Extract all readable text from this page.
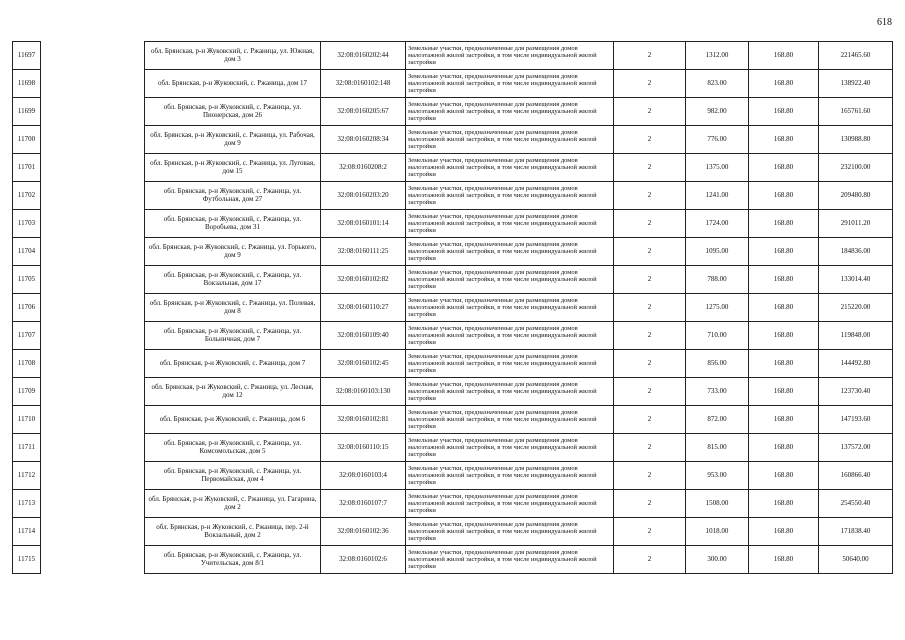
618
11697		обл. Брянская, р-н Жуковский, с. Ржаница, ул. Южная, дом 3	32:08:0160202:44	Земельные участки, предназначенные для размещения домов малоэтажной жилой застройки, в том числе индивидуальной жилой застройки	2	1312.00	168.80	221465.60
11698		обл. Брянская, р-н Жуковский, с. Ржаница, дом 17	32:08:0160102:148	Земельные участки, предназначенные для размещения домов малоэтажной жилой застройки, в том числе индивидуальной жилой застройки	2	823.00	168.80	138922.40
11699		обл. Брянская, р-н Жуковский, с. Ржаница, ул. Пионерская, дом 26	32:08:0160205:67	Земельные участки, предназначенные для размещения домов малоэтажной жилой застройки, в том числе индивидуальной жилой застройки	2	982.00	168.80	165761.60
11700		обл. Брянская, р-н Жуковский, с. Ржаница, ул. Рабочая, дом 9	32:08:0160208:34	Земельные участки, предназначенные для размещения домов малоэтажной жилой застройки, в том числе индивидуальной жилой застройки	2	776.00	168.80	130988.80
11701		обл. Брянская, р-н Жуковский, с. Ржаница, ул. Луговая, дом 15	32:08:0160208:2	Земельные участки, предназначенные для размещения домов малоэтажной жилой застройки, в том числе индивидуальной жилой застройки	2	1375.00	168.80	232100.00
11702		обл. Брянская, р-н Жуковский, с. Ржаница, ул. Футбольная, дом 27	32:08:0160203:20	Земельные участки, предназначенные для размещения домов малоэтажной жилой застройки, в том числе индивидуальной жилой застройки	2	1241.00	168.80	209480.80
11703		обл. Брянская, р-н Жуковский, с. Ржаница, ул. Воробьева, дом 31	32:08:0160101:14	Земельные участки, предназначенные для размещения домов малоэтажной жилой застройки, в том числе индивидуальной жилой застройки	2	1724.00	168.80	291011.20
11704		обл. Брянская, р-н Жуковский, с. Ржаница, ул. Горького, дом 9	32:08:0160111:25	Земельные участки, предназначенные для размещения домов малоэтажной жилой застройки, в том числе индивидуальной жилой застройки	2	1095.00	168.80	184836.00
11705		обл. Брянская, р-н Жуковский, с. Ржаница, ул. Вокзальная, дом 17	32:08:0160102:82	Земельные участки, предназначенные для размещения домов малоэтажной жилой застройки, в том числе индивидуальной жилой застройки	2	788.00	168.80	133014.40
11706		обл. Брянская, р-н Жуковский, с. Ржаница, ул. Полевая, дом 8	32:08:0160110:27	Земельные участки, предназначенные для размещения домов малоэтажной жилой застройки, в том числе индивидуальной жилой застройки	2	1275.00	168.80	215220.00
11707		обл. Брянская, р-н Жуковский, с. Ржаница, ул. Больничная, дом 7	32:08:0160109:40	Земельные участки, предназначенные для размещения домов малоэтажной жилой застройки, в том числе индивидуальной жилой застройки	2	710.00	168.80	119848.00
11708		обл. Брянская, р-н Жуковский, с. Ржаница, дом 7	32:08:0160102:45	Земельные участки, предназначенные для размещения домов малоэтажной жилой застройки, в том числе индивидуальной жилой застройки	2	856.00	168.80	144492.80
11709		обл. Брянская, р-н Жуковский, с. Ржаница, ул. Лесная, дом 12	32:08:0160103:130	Земельные участки, предназначенные для размещения домов малоэтажной жилой застройки, в том числе индивидуальной жилой застройки	2	733.00	168.80	123730.40
11710		обл. Брянская, р-н Жуковский, с. Ржаница, дом 6	32:08:0160102:81	Земельные участки, предназначенные для размещения домов малоэтажной жилой застройки, в том числе индивидуальной жилой застройки	2	872.00	168.80	147193.60
11711		обл. Брянская, р-н Жуковский, с. Ржаница, ул. Комсомольская, дом 5	32:08:0160110:15	Земельные участки, предназначенные для размещения домов малоэтажной жилой застройки, в том числе индивидуальной жилой застройки	2	815.00	168.80	137572.00
11712		обл. Брянская, р-н Жуковский, с. Ржаница, ул. Первомайская, дом 4	32:08:0160103:4	Земельные участки, предназначенные для размещения домов малоэтажной жилой застройки, в том числе индивидуальной жилой застройки	2	953.00	168.80	160866.40
11713		обл. Брянская, р-н Жуковский, с. Ржаница, ул. Гагарина, дом 2	32:08:0160107:7	Земельные участки, предназначенные для размещения домов малоэтажной жилой застройки, в том числе индивидуальной жилой застройки	2	1508.00	168.80	254550.40
11714		обл. Брянская, р-н Жуковский, с. Ржаница, пер. 2-й Вокзальный, дом 2	32:08:0160102:36	Земельные участки, предназначенные для размещения домов малоэтажной жилой застройки, в том числе индивидуальной жилой застройки	2	1018.00	168.80	171838.40
11715		обл. Брянская, р-н Жуковский, с. Ржаница, ул. Учительская, дом 8/1	32:08:0160102:6	Земельные участки, предназначенные для размещения домов малоэтажной жилой застройки, в том числе индивидуальной жилой застройки	2	300.00	168.80	50640.00
